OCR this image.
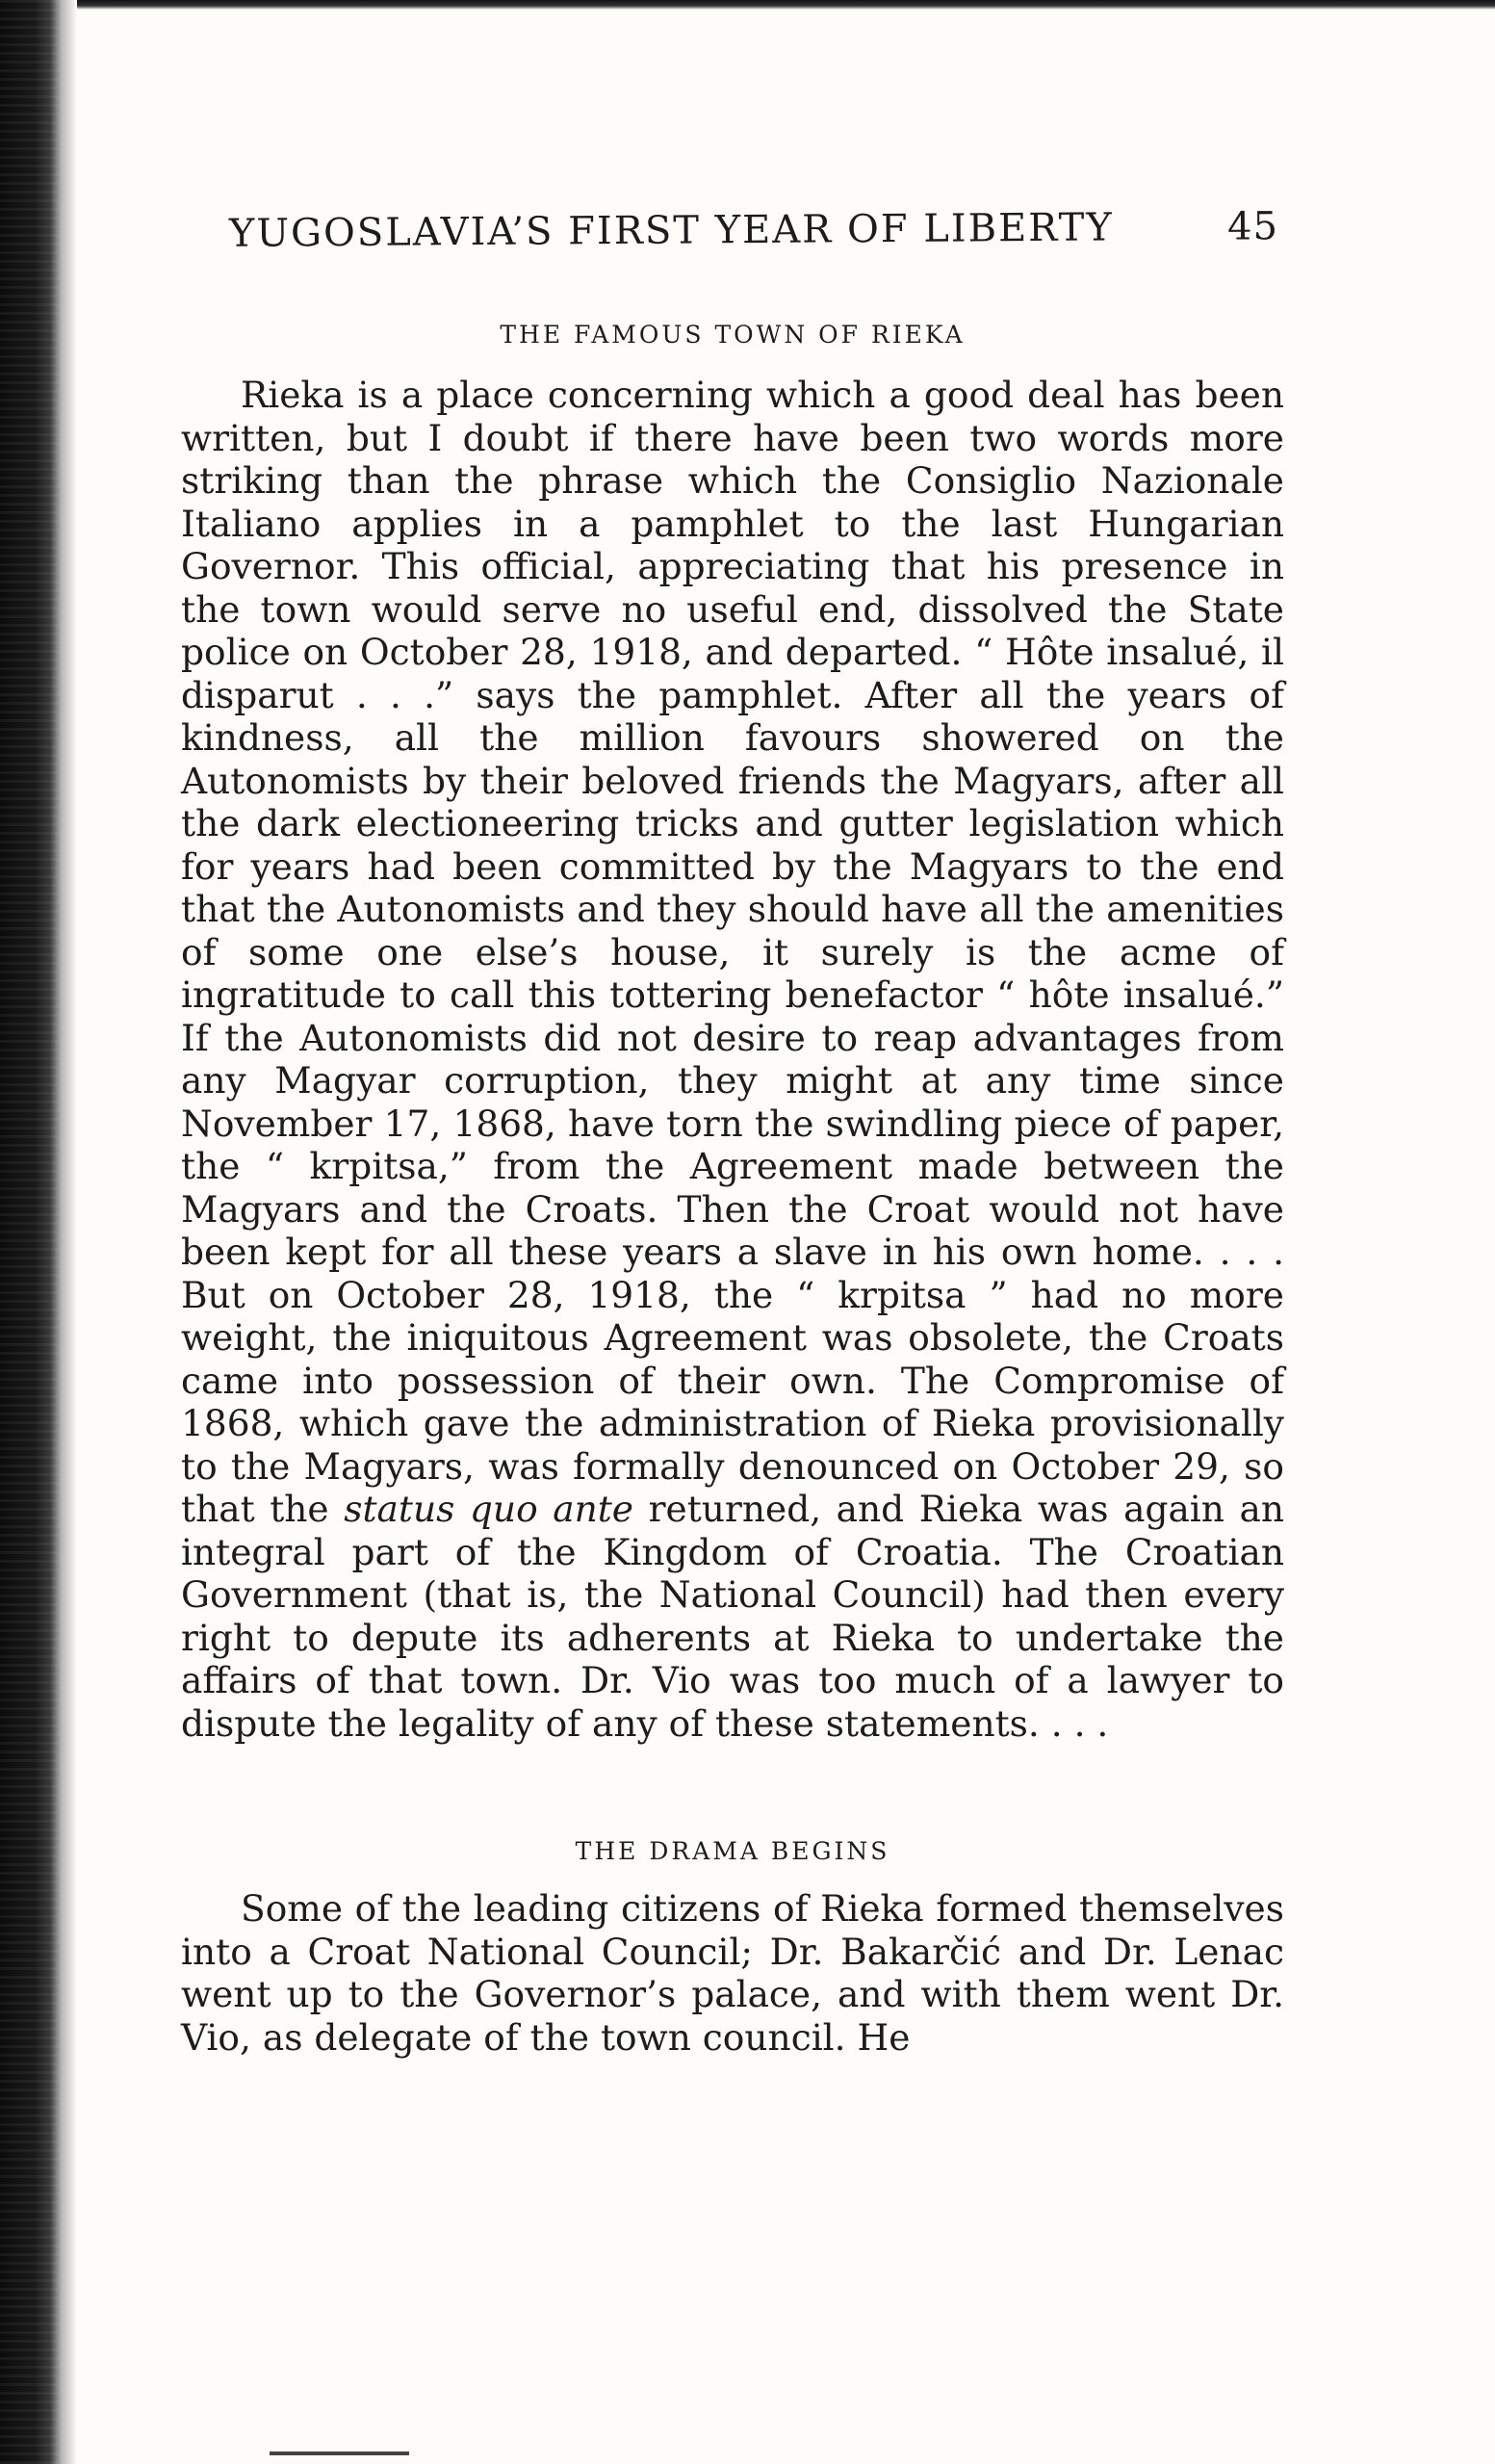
YUGOSLAVIA’S FIRST YEAR OF LIBERTY	45
THE FAMOUS TOWN OF RIEKA

Rieka is a place concerning which a good deal has been written, but I doubt if there have been two words more striking than the phrase which the Consiglio Nazionale Italiano applies in a pamphlet to the last Hungarian Governor. This official, appreciating that his presence in the town would serve no useful end, dissolved the State police on October 28, 1918, and departed. “ Hôte insalué, il disparut . . .” says the pamphlet. After all the years of kindness, all the million favours showered on the Autonomists by their beloved friends the Magyars, after all the dark electioneering tricks and gutter legislation which for years had been committed by the Magyars to the end that the Autonomists and they should have all the amenities of some one else’s house, it surely is the acme of ingratitude to call this tottering benefactor “ hôte insalué.” If the Autonomists did not desire to reap advantages from any Magyar corruption, they might at any time since November 17, 1868, have torn the swindling piece of paper, the “ krpitsa,” from the Agreement made between the Magyars and the Croats. Then the Croat would not have been kept for all these years a slave in his own home. . . . But on October 28, 1918, the “ krpitsa ” had no more weight, the iniquitous Agreement was obsolete, the Croats came into possession of their own. The Compromise of 1868, which gave the administration of Rieka provisionally to the Magyars, was formally denounced on October 29, so that the status quo ante returned, and Rieka was again an integral part of the Kingdom of Croatia. The Croatian Government (that is, the National Council) had then every right to depute its adherents at Rieka to undertake the affairs of that town. Dr. Vio was too much of a lawyer to dispute the legality of any of these statements. . . .

THE DRAMA BEGINS

Some of the leading citizens of Rieka formed themselves into a Croat National Council; Dr. Bakarčić and Dr. Lenac went up to the Governor’s palace, and with them went Dr. Vio, as delegate of the town council. He
